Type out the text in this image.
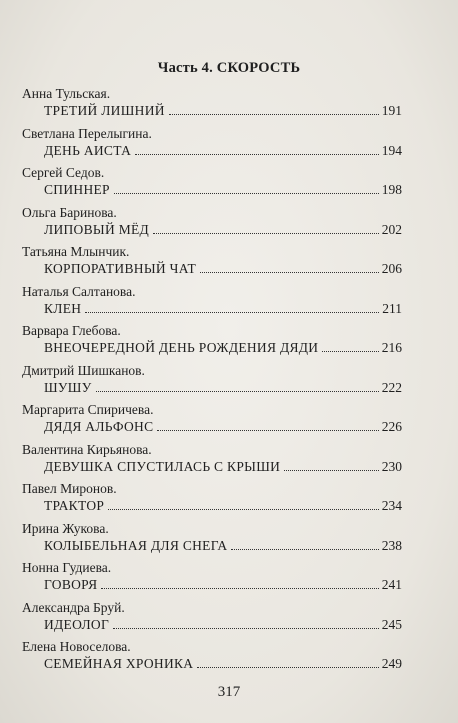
Часть 4. СКОРОСТЬ
Анна Тульская.
ТРЕТИЙ ЛИШНИЙ	191
Светлана Перелыгина.
ДЕНЬ АИСТА	194
Сергей Седов.
СПИННЕР	198
Ольга Баринова.
ЛИПОВЫЙ МЁД	202
Татьяна Млынчик.
КОРПОРАТИВНЫЙ ЧАТ	206
Наталья Салтанова.
КЛЕН	211
Варвара Глебова.
ВНЕОЧЕРЕДНОЙ ДЕНЬ РОЖДЕНИЯ ДЯДИ	216
Дмитрий Шишканов.
ШУШУ	222
Маргарита Спиричева.
ДЯДЯ АЛЬФОНС	226
Валентина Кирьянова.
ДЕВУШКА СПУСТИЛАСЬ С КРЫШИ	230
Павел Миронов.
ТРАКТОР	234
Ирина Жукова.
КОЛЫБЕЛЬНАЯ ДЛЯ СНЕГА	238
Нонна Гудиева.
ГОВОРЯ	241
Александра Бруй.
ИДЕОЛОГ	245
Елена Новоселова.
СЕМЕЙНАЯ ХРОНИКА	249
317
